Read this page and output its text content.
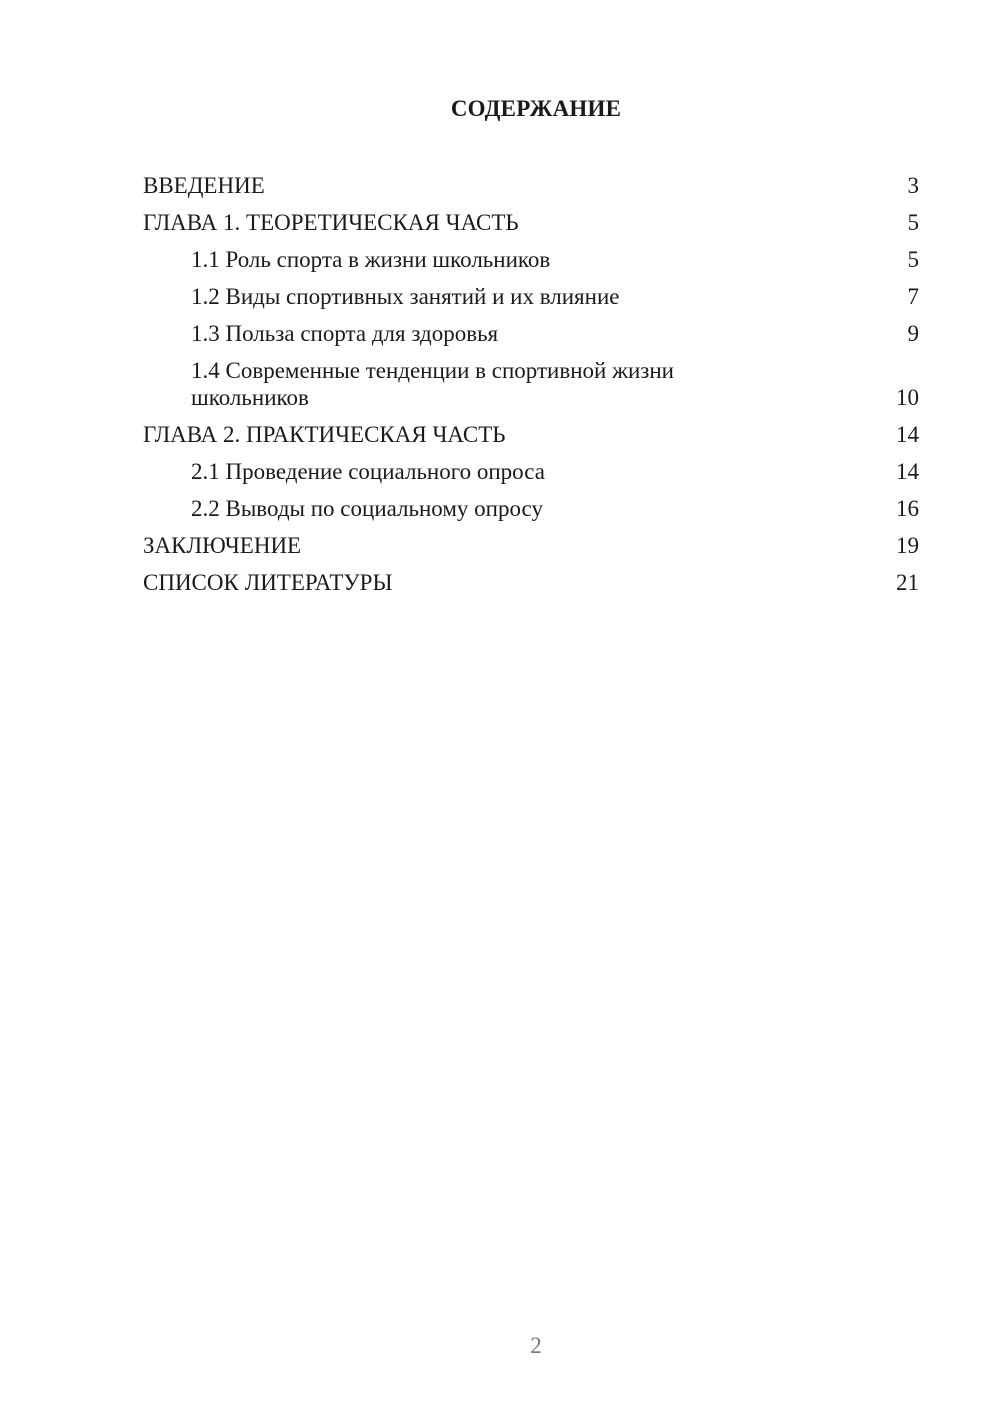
СОДЕРЖАНИЕ
ВВЕДЕНИЕ	3
ГЛАВА 1. ТЕОРЕТИЧЕСКАЯ ЧАСТЬ	5
1.1 Роль спорта в жизни школьников	5
1.2 Виды спортивных занятий и их влияние	7
1.3 Польза спорта для здоровья	9
1.4 Современные тенденции в спортивной жизни школьников	10
ГЛАВА 2. ПРАКТИЧЕСКАЯ ЧАСТЬ	14
2.1 Проведение социального опроса	14
2.2 Выводы по социальному опросу	16
ЗАКЛЮЧЕНИЕ	19
СПИСОК ЛИТЕРАТУРЫ	21
2
